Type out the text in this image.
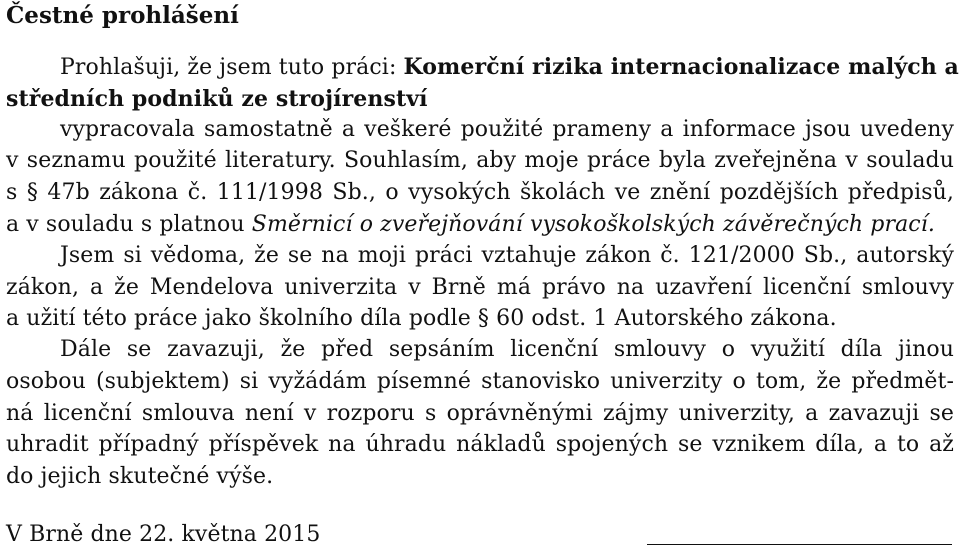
Čestné prohlášení
Prohlašuji, že jsem tuto práci: Komerční rizika internacionalizace malých a
středních podniků ze strojírenství
vypracovala samostatně a veškeré použité prameny a informace jsou uvedeny
v seznamu použité literatury. Souhlasím, aby moje práce byla zveřejněna v souladu
s § 47b zákona č. 111/1998 Sb., o vysokých školách ve znění pozdějších předpisů,
a v souladu s platnou Směrnicí o zveřejňování vysokoškolských závěrečných prací.
Jsem si vědoma, že se na moji práci vztahuje zákon č. 121/2000 Sb., autorský
zákon, a že Mendelova univerzita v Brně má právo na uzavření licenční smlouvy
a užití této práce jako školního díla podle § 60 odst. 1 Autorského zákona.
Dále se zavazuji, že před sepsáním licenční smlouvy o využití díla jinou
osobou (subjektem) si vyžádám písemné stanovisko univerzity o tom, že předmět-
ná licenční smlouva není v rozporu s oprávněnými zájmy univerzity, a zavazuji se
uhradit případný příspěvek na úhradu nákladů spojených se vznikem díla, a to až
do jejich skutečné výše.
V Brně dne 22. května 2015
